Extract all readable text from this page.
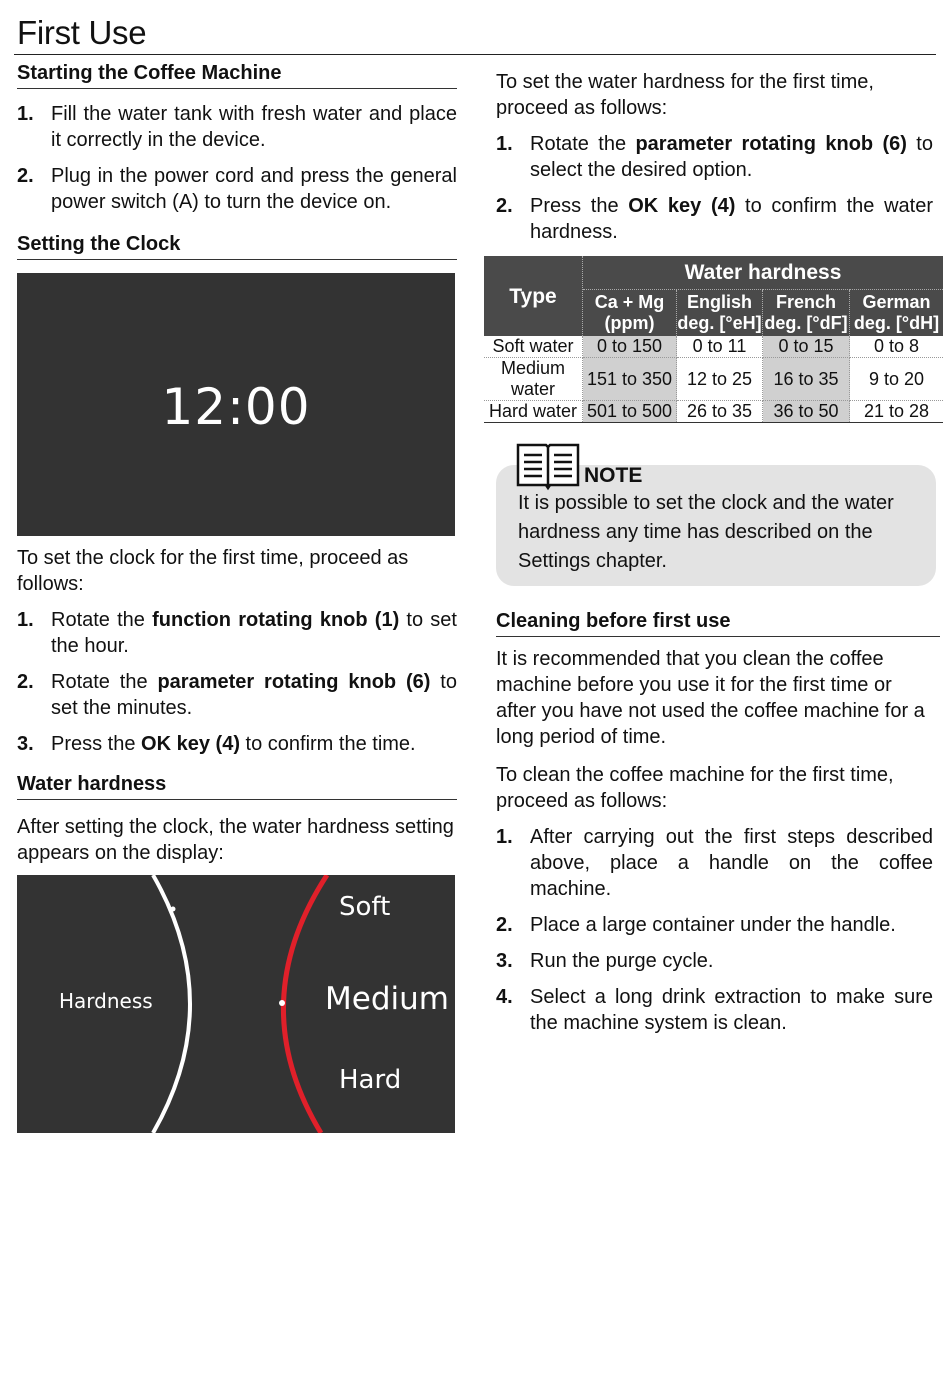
First Use
Starting the Coffee Machine
1. Fill the water tank with fresh water and place it correctly in the device.
2. Plug in the power cord and press the general power switch (A) to turn the device on.
Setting the Clock
12:00

To set the clock for the first time, proceed as follows:

1. Rotate the function rotating knob (1) to set the hour.
2. Rotate the parameter rotating knob (6) to set the minutes.
3. Press the OK key (4) to confirm the time.
Water hardness

After setting the clock, the water hardness setting appears on the display:

Hardness
Soft
Medium
Hard

To set the water hardness for the first time, proceed as follows:

1. Rotate the parameter rotating knob (6) to select the desired option.
2. Press the OK key (4) to confirm the water hardness.
Type	Water hardness			
	Ca + Mg (ppm)	English deg. [°eH]	French deg. [°dF]	German deg. [°dH]
Soft water	0 to 150	0 to 11	0 to 15	0 to 8
Medium water	151 to 350	12 to 25	16 to 35	9 to 20
Hard water	501 to 500	26 to 35	36 to 50	21 to 28
NOTE

It is possible to set the clock and the water hardness any time has described on the Settings chapter.

Cleaning before first use

It is recommended that you clean the coffee machine before you use it for the first time or after you have not used the coffee machine for a long period of time.

To clean the coffee machine for the first time, proceed as follows:

1. After carrying out the first steps described above, place a handle on the coffee machine.
2. Place a large container under the handle.
3. Run the purge cycle.
4. Select a long drink extraction to make sure the machine system is clean.
